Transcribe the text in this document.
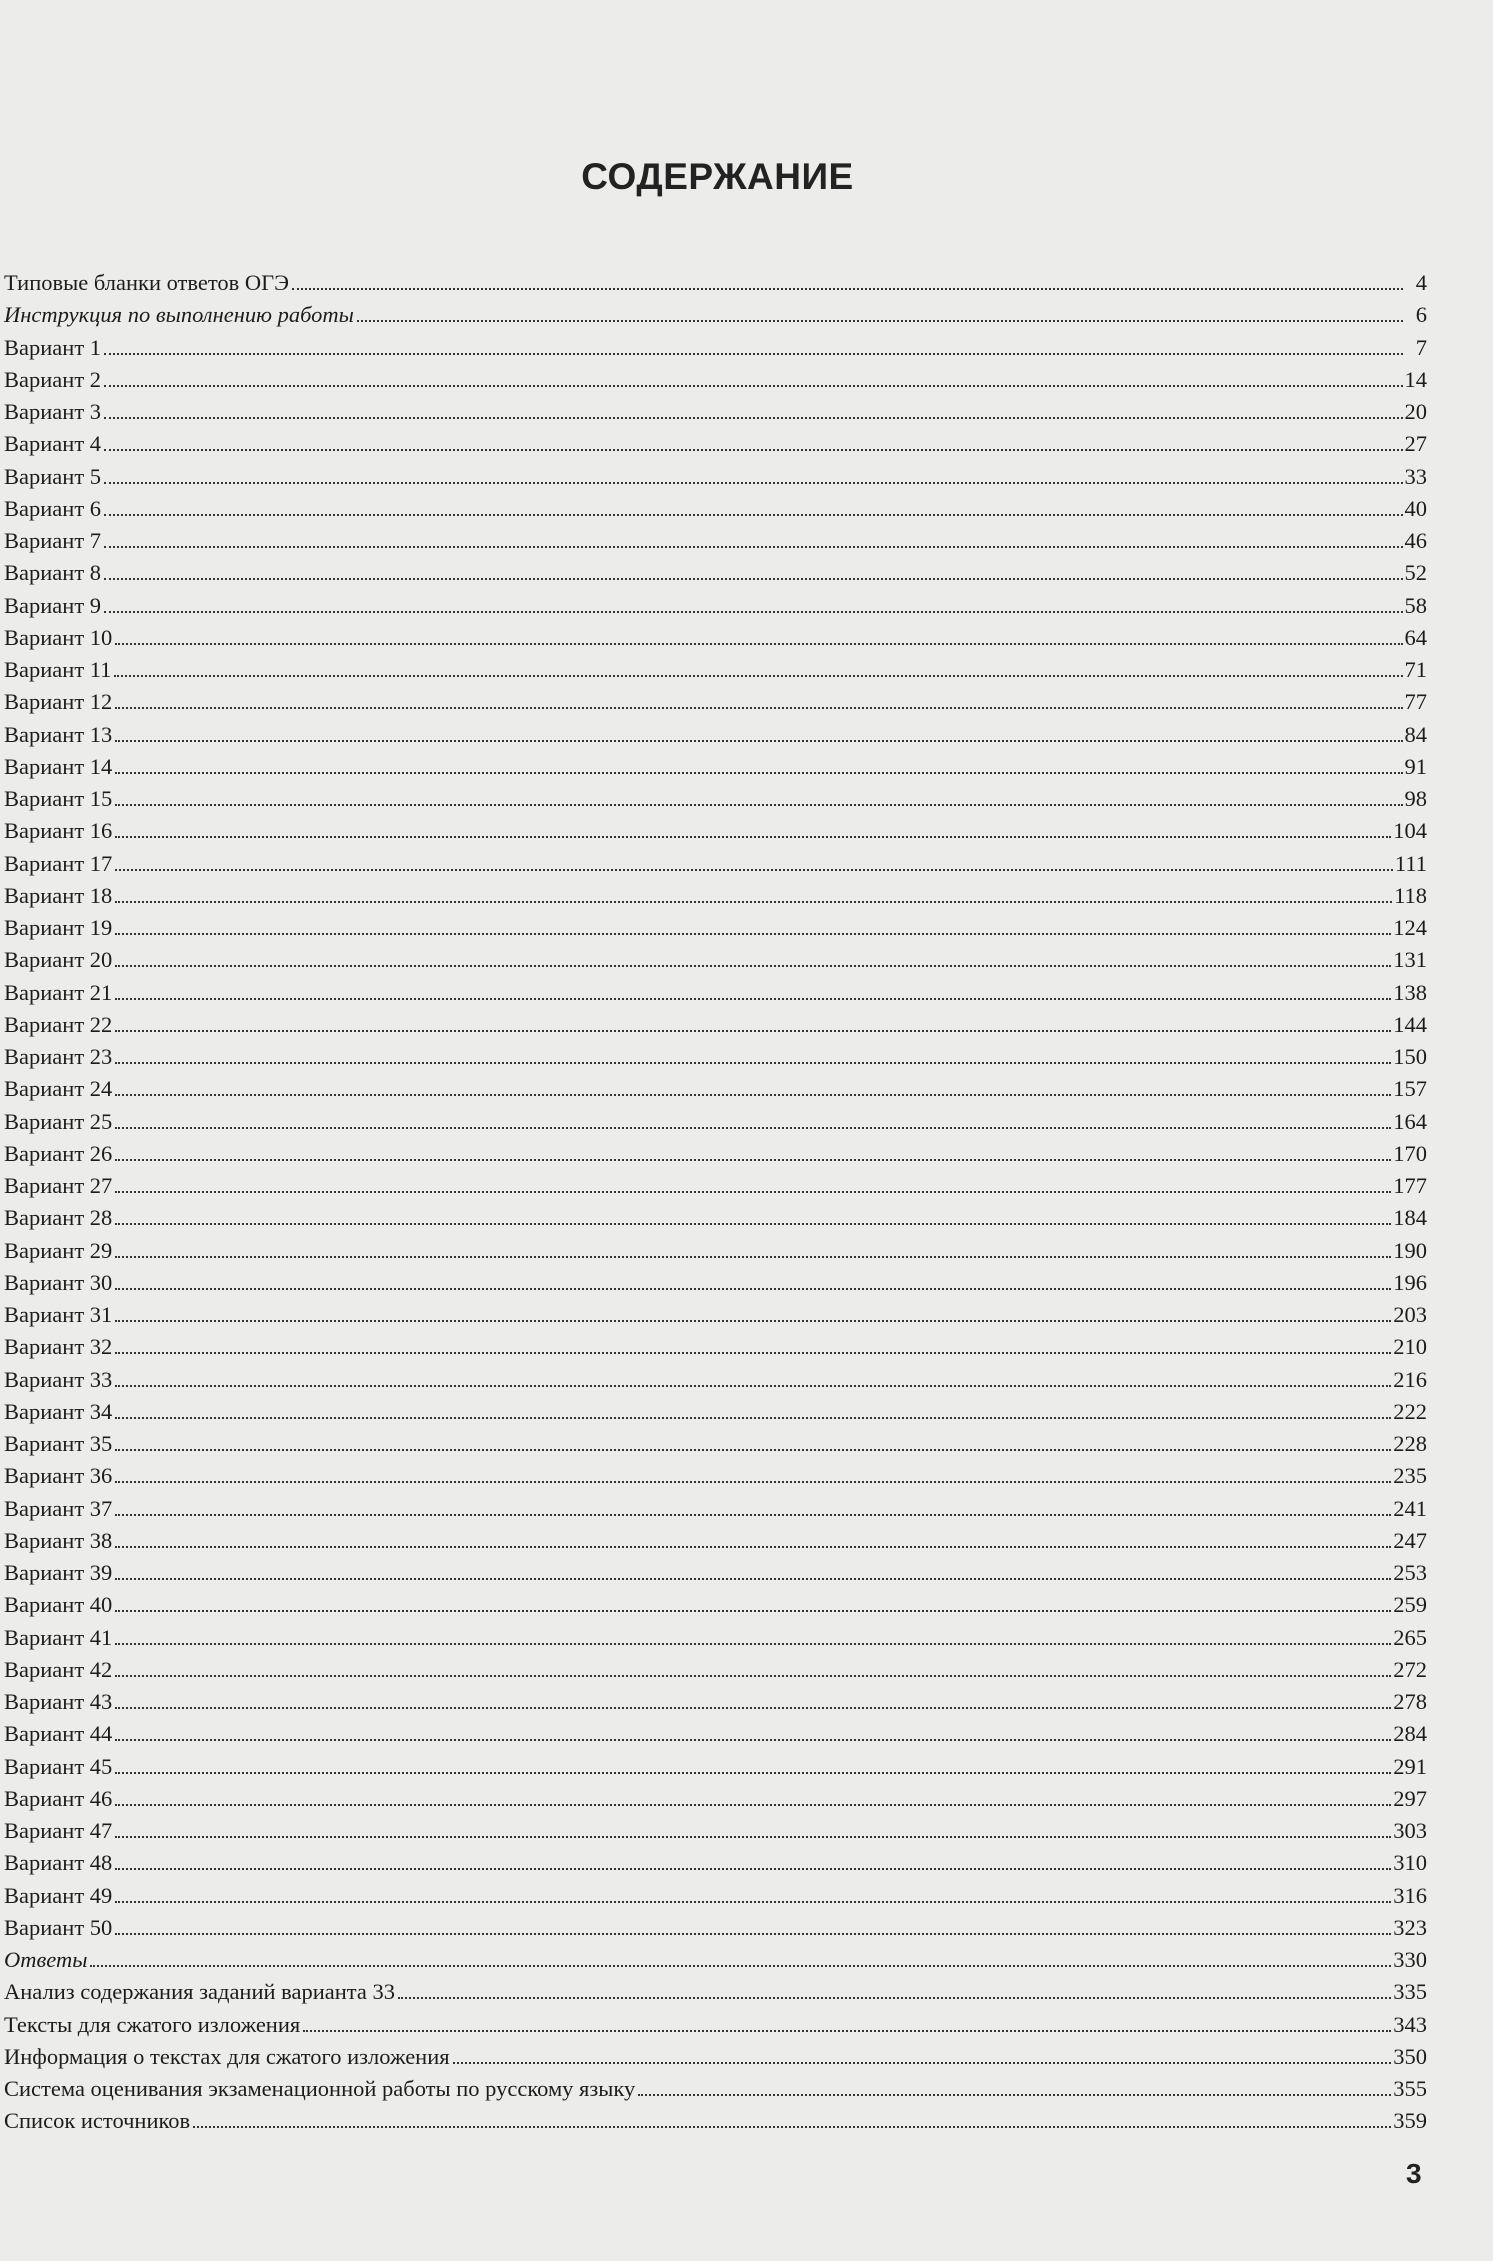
СОДЕРЖАНИЕ
Типовые бланки ответов ОГЭ	4
Инструкция по выполнению работы	6
Вариант 1	7
Вариант 2	14
Вариант 3	20
Вариант 4	27
Вариант 5	33
Вариант 6	40
Вариант 7	46
Вариант 8	52
Вариант 9	58
Вариант 10	64
Вариант 11	71
Вариант 12	77
Вариант 13	84
Вариант 14	91
Вариант 15	98
Вариант 16	104
Вариант 17	111
Вариант 18	118
Вариант 19	124
Вариант 20	131
Вариант 21	138
Вариант 22	144
Вариант 23	150
Вариант 24	157
Вариант 25	164
Вариант 26	170
Вариант 27	177
Вариант 28	184
Вариант 29	190
Вариант 30	196
Вариант 31	203
Вариант 32	210
Вариант 33	216
Вариант 34	222
Вариант 35	228
Вариант 36	235
Вариант 37	241
Вариант 38	247
Вариант 39	253
Вариант 40	259
Вариант 41	265
Вариант 42	272
Вариант 43	278
Вариант 44	284
Вариант 45	291
Вариант 46	297
Вариант 47	303
Вариант 48	310
Вариант 49	316
Вариант 50	323
Ответы	330
Анализ содержания заданий варианта 33	335
Тексты для сжатого изложения	343
Информация о текстах для сжатого изложения	350
Система оценивания экзаменационной работы по русскому языку	355
Список источников	359
3
